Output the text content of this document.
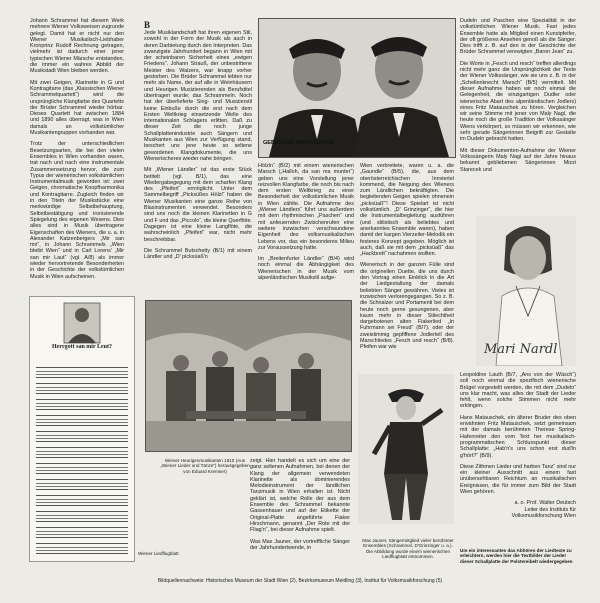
Johann Schrammel hat diesem Werk mehrere Wiener Volksweisen zugrunde gelegt. Damit hat er nicht nur den Wiener Musikalisch-Liebhaber Kronprinz Rudolf Rechnung getragen, vielmehr ist dadurch einer jener typischen Wiener Märsche entstanden, die immer ein wahres Abbild der Musikstadt Wien bleiben werden.

Mit zwei Geigen, Klarinette in G und Kontragitarre (das „Klassischen Wiener Schrammelquartett“) wird die ursprüngliche Klangfarbe des Quartetts der Brüder Schrammel wieder hörbar. Dieses Quartett hat zwischen 1884 und 1890 alles überragt, was in Wien damals an volkstümlicher Musikantengruppen vorhanden war.

Trotz der unterschiedlichen Besetzungsarten, die bei den vielen Ensembles in Wien vorhanden waren, trat nach und nach eine instrumentale Zusammensetzung hervor, die zum Typus der wienerischen volkstümlichen Instrumentalmusik geworden ist: zwei Geigen, chromatische Knopfharmonika und Kontragitarre. Zugleich finden wir in den Titeln der Musikstücke eine merkwürdige Selbstbehauptung, Selbstbestätigung und ironisierende Spiegelung des eigenen Wesens. Dies alles sind in Musik übertragene Eigenschaften des Wieners, die u. a. in Alexander Katzenbergers „Mir san mir“, in Johann Schrammels „Wien bleibt Wien“ und in Carl Lorens' „Mir san mir Laut“ (vgl. A/8) als immer wieder hervortretende Besonderheiten in der Geschichte der volkstümlichen Musik in Wien aufscheinen.

Herrgott san mir Leut?
B

Jede Musiklandschaft hat ihren eigenen Stil, sowohl in der Form der Musik als auch in deren Darbietung durch den Interpreten. Das zwanzigste Jahrhundert begann in Wien mit der scheinbaren Sicherheit eines „ewigen Friedens“. Johann Strauß, der unbestrittene Meister des Walzers, war knapp vorher gestorben. Die Brüder Schrammel lebten nur mehr als Name, der auf alle in Weinhäusern und Heurigen Musizierenden als Berufstitel übertragen wurde; das Schrammeln. Noch hat der überlieferte Sing- und Musizierstil keine Einbuße durch die erst nach dem Ersten Weltkrieg einsetzende Welle des internationalen Schlagers erlitten. Daß zu dieser Zeit die noch junge Schallplattenindustrie auch Sängern und Musikanten aus Wien zur Verfügung stand, beschert uns jene heute so seltene gewordenen Klangdokumente, die uns Wienerischeres wieder nahe bringen.

Mit „Wiener Ländler“ ist das erste Stück betitelt (vgl. B/1), das eine Wiedergabegegung mit dem scharfen Klang des „Pfeiferl“ ermöglicht. Unter dem Sammelbegriff „Picksüßes Hölzl“ haben die Wiener Musikanten eine ganze Reihe von Blasinstrumenten verwendet. Besonders sind uns noch die kleinen Klarinetten in G und F und das „Piccolo“, die kleine Querflöte. Dagegen ist eine kleine Langflöte, die wahrscheinlich „Pfeiferl“ war, nicht mehr beschreibbar.

Die Schrammel Butschetty (B/1) mit einem Ländler und „D' picksüaß'n

GEBRÜDER MATAUSCHEK

Hölzln“ (B/2) mit einem wienerischen Marsch („Halloh, da san ma munter“) geben uns eine Vorstellung jener reizvollen Klangfarbe, die noch bis nach dem ersten Weltkrieg zu einer Besonderheit der volkstümlichen Musik in Wien zählte. Die Aufnahme des „Wiener Ländlers“ führt uns außerdem mit dem rhythmischen „Paschen“ und mit anfeuernden Zwischenrufen eine weitere inzwischen verschwundene Eigenheit des volksmusikalischen Lebens vor, das ein besonderes Milieu zur Voraussetzung hatte.

Im „Breitenfurter Ländler“ (B/4) wird noch einmal die Abhängigkeit des Wienerischen in der Musik vom alpenländischen Musikstil aufge-

Wien verbreitete, waren u. a. die „Gaundle“ (B/5), die, aus dem oberösterreichischen Innviertel kommend, die Neigung des Wieners zum Ländlichen bekräftigten. Die begleitenden Geigen spielen ohnenein „picksüaß'“! Diese Spielart ist nicht volkstümlich. „D' Grinzinger“, die hier die Instrumentalbegleitung ausführen (und stilistisch als beliebtes und anerkanntes Ensemble waren), haben damit der kargen Vierzeiler-Melodik ein festeres Konzept gegeben. Möglich ist auch, daß sie mit dem „picksüaß“ das „Hackbrett“ nachahmen wollten.

Wienerisch in der ganzen Fülle sind die originellen Duette, die uns durch den Vortrag einen Einblick in die Art der Liedgestaltung der damals beliebten Sänger gewähren. Vieles ist inzwischen verlorengegangen. So z. B. die Schnalzer und Portamenti bei dem heute noch gerne gesungenen, aber kaum mehr in dieser Stilechtheit dargebotenen alten Fiakerlied „In Fuhrmann sei Freud“ (B/7), oder der zweistimmig gepfiffene Jodlertell des Marschliedes „Fesch und resch“ (B/8). Pfeifen war wie

Wiener Heurigenmusikanten 1910 (Aus „Wiener Lieder und Tänze“) herausgegeben von Eduard Kremser)
Wiener Liedflugblatt

zeigt. Hier handelt es sich um eine der ganz seltenen Aufnahmen, bei denen der Klang der allgemein verwendeten Klarinette als dominierendes Melodieinstrument der ländlichen Tanzmusik in Wien erhalten ist. Nicht geklärt ist, welche Rolle der aus dem Ensemble des Schrammel bekannte Gassenhauer und auf der Etikette der Original-Platte angeführte Fiaker Hirschmann, genannt „Der Rote mit der Fliag'n“, bei dieser Aufnahme spielt.

Was Max Jauner, der vortreffliche Sänger der Jahrhundertwende, in

Max Jauner, Sängermitglied vieler berühmter Ensembles (Schrammel, D'Grinzinger u. a.). Die Abbildung wurde einem wienerischen Liedflugblatt entnommen.

Dudeln und Paschen eine Spezialität in der volkstümlichen Wiener Musik. Fast jedes Ensemble hatte als Mitglied einen Kunstpfeifer, der oft größeres Ansehen genoß als die Sänger. Dies trifft z. B. auf den in der Geschichte der Brüder Schrammel verewigten „Baron Jean“ zu.

Die Worte in „Fesch und resch“ treffen allerdings nicht mehr ganz die Ursprünglichkeit der Texte der Wiener Volkssänger, wie sie uns z. B. in der „Schellenknecht Marsch“ (B/5) vermittelt. Mit dieser Aufnahme haben wir noch einmal die Gelegenheit, die einzigartigen Dudler oder wienerische Abart des alpenländischen Jodlers) eines Fritz Matauschek zu hören. Vergleichen wir seine Stimme mit jener von Maly Nagl, die heute noch die große Tradition der Volkssänger Wiens verkörpert, so müssen wir erkennen, wie sehr gerade Sängerinnen Beigrift zur Gestalte im Dudeln gebracht hatten.

Mit dieser Dokumenten-Aufnahme der Wiener Volkssängerin Maly Nagl auf der Jahre hinaus bekannt gebliebenen Sängerinnen Mizzi Starecek und

Mari Nardl

Leopoldine Lauth (B/7, „Ans von der Wäsch“) soll noch einmal die spezifisch wienerische Brügel vorgestellt werden, die mit dem „Dudeln“ uns klar macht, was alles der Stadt der Lieder fehlt, wenn solche Stimmen nicht mehr erklingen.

Hans Matauschek, ein älterer Bruder des oben erwähnten Fritz Matauschek, setzt gemeinsam mit der damals berühmten Therese Spring-Hafenreiter den vom Text her musikalisch-programmatischen Schlusspunkt dieser Schallplatte: „Hab'n's uns schon erst dud'ln g'hört?“ (B/9).

Diese Zithmen Lieder und harben Tanz“ sind nur ein kleiner Ausschnitt aus einem fast unübersehbaren Reichtum an musikalischen Ereignissen, die für immer zum Bild der Stadt Wien gehören.

a. o. Prof. Walter Deutsch

Leiter des Instituts für

Volksmusikforschung Wien

Um ein interessantes das Abhören der Liedtexte zu erleichtern, werden hier die Textbilder der Lieder dieser Schallplatte der Polstereibelt wiedergegeben
Bildquellennachweis: Historisches Museum der Stadt Wien (2), Bezirksmuseum Meidling (3), Institut für Volksmusikforschung (5)
